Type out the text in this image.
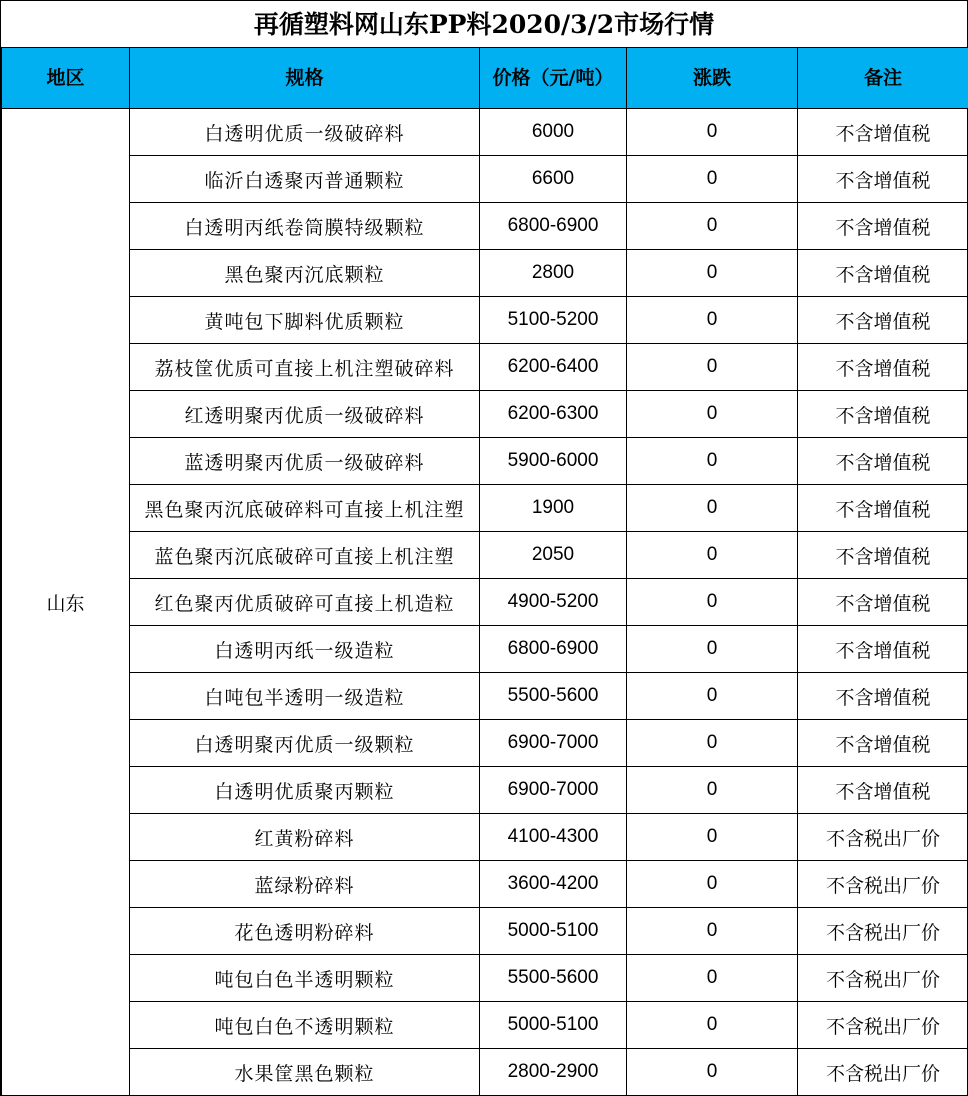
再循塑料网山东PP料2020/3/2市场行情
地区	规格	价格（元/吨）	涨跌	备注
山东	白透明优质一级破碎料	6000	0	不含增值税
	临沂白透聚丙普通颗粒	6600	0	不含增值税
	白透明丙纸卷筒膜特级颗粒	6800-6900	0	不含增值税
	黑色聚丙沉底颗粒	2800	0	不含增值税
	黄吨包下脚料优质颗粒	5100-5200	0	不含增值税
	荔枝筐优质可直接上机注塑破碎料	6200-6400	0	不含增值税
	红透明聚丙优质一级破碎料	6200-6300	0	不含增值税
	蓝透明聚丙优质一级破碎料	5900-6000	0	不含增值税
	黑色聚丙沉底破碎料可直接上机注塑	1900	0	不含增值税
	蓝色聚丙沉底破碎可直接上机注塑	2050	0	不含增值税
	红色聚丙优质破碎可直接上机造粒	4900-5200	0	不含增值税
	白透明丙纸一级造粒	6800-6900	0	不含增值税
	白吨包半透明一级造粒	5500-5600	0	不含增值税
	白透明聚丙优质一级颗粒	6900-7000	0	不含增值税
	白透明优质聚丙颗粒	6900-7000	0	不含增值税
	红黄粉碎料	4100-4300	0	不含税出厂价
	蓝绿粉碎料	3600-4200	0	不含税出厂价
	花色透明粉碎料	5000-5100	0	不含税出厂价
	吨包白色半透明颗粒	5500-5600	0	不含税出厂价
	吨包白色不透明颗粒	5000-5100	0	不含税出厂价
	水果筐黑色颗粒	2800-2900	0	不含税出厂价
